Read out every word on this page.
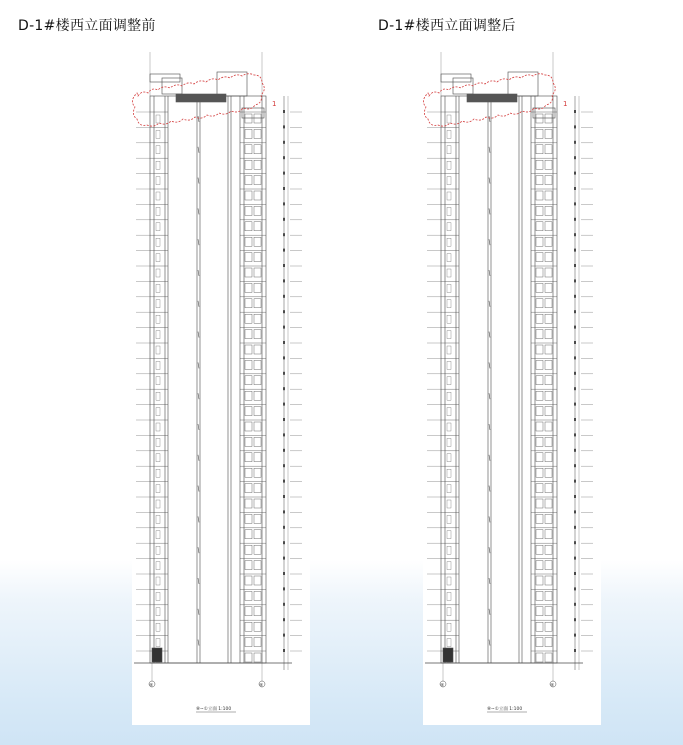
D-1#楼西立面调整前	D-1#楼西立面调整后
1
⑧	⑧
⑧~①立面 1:100
1
⑧	⑧
⑧~①立面 1:100
